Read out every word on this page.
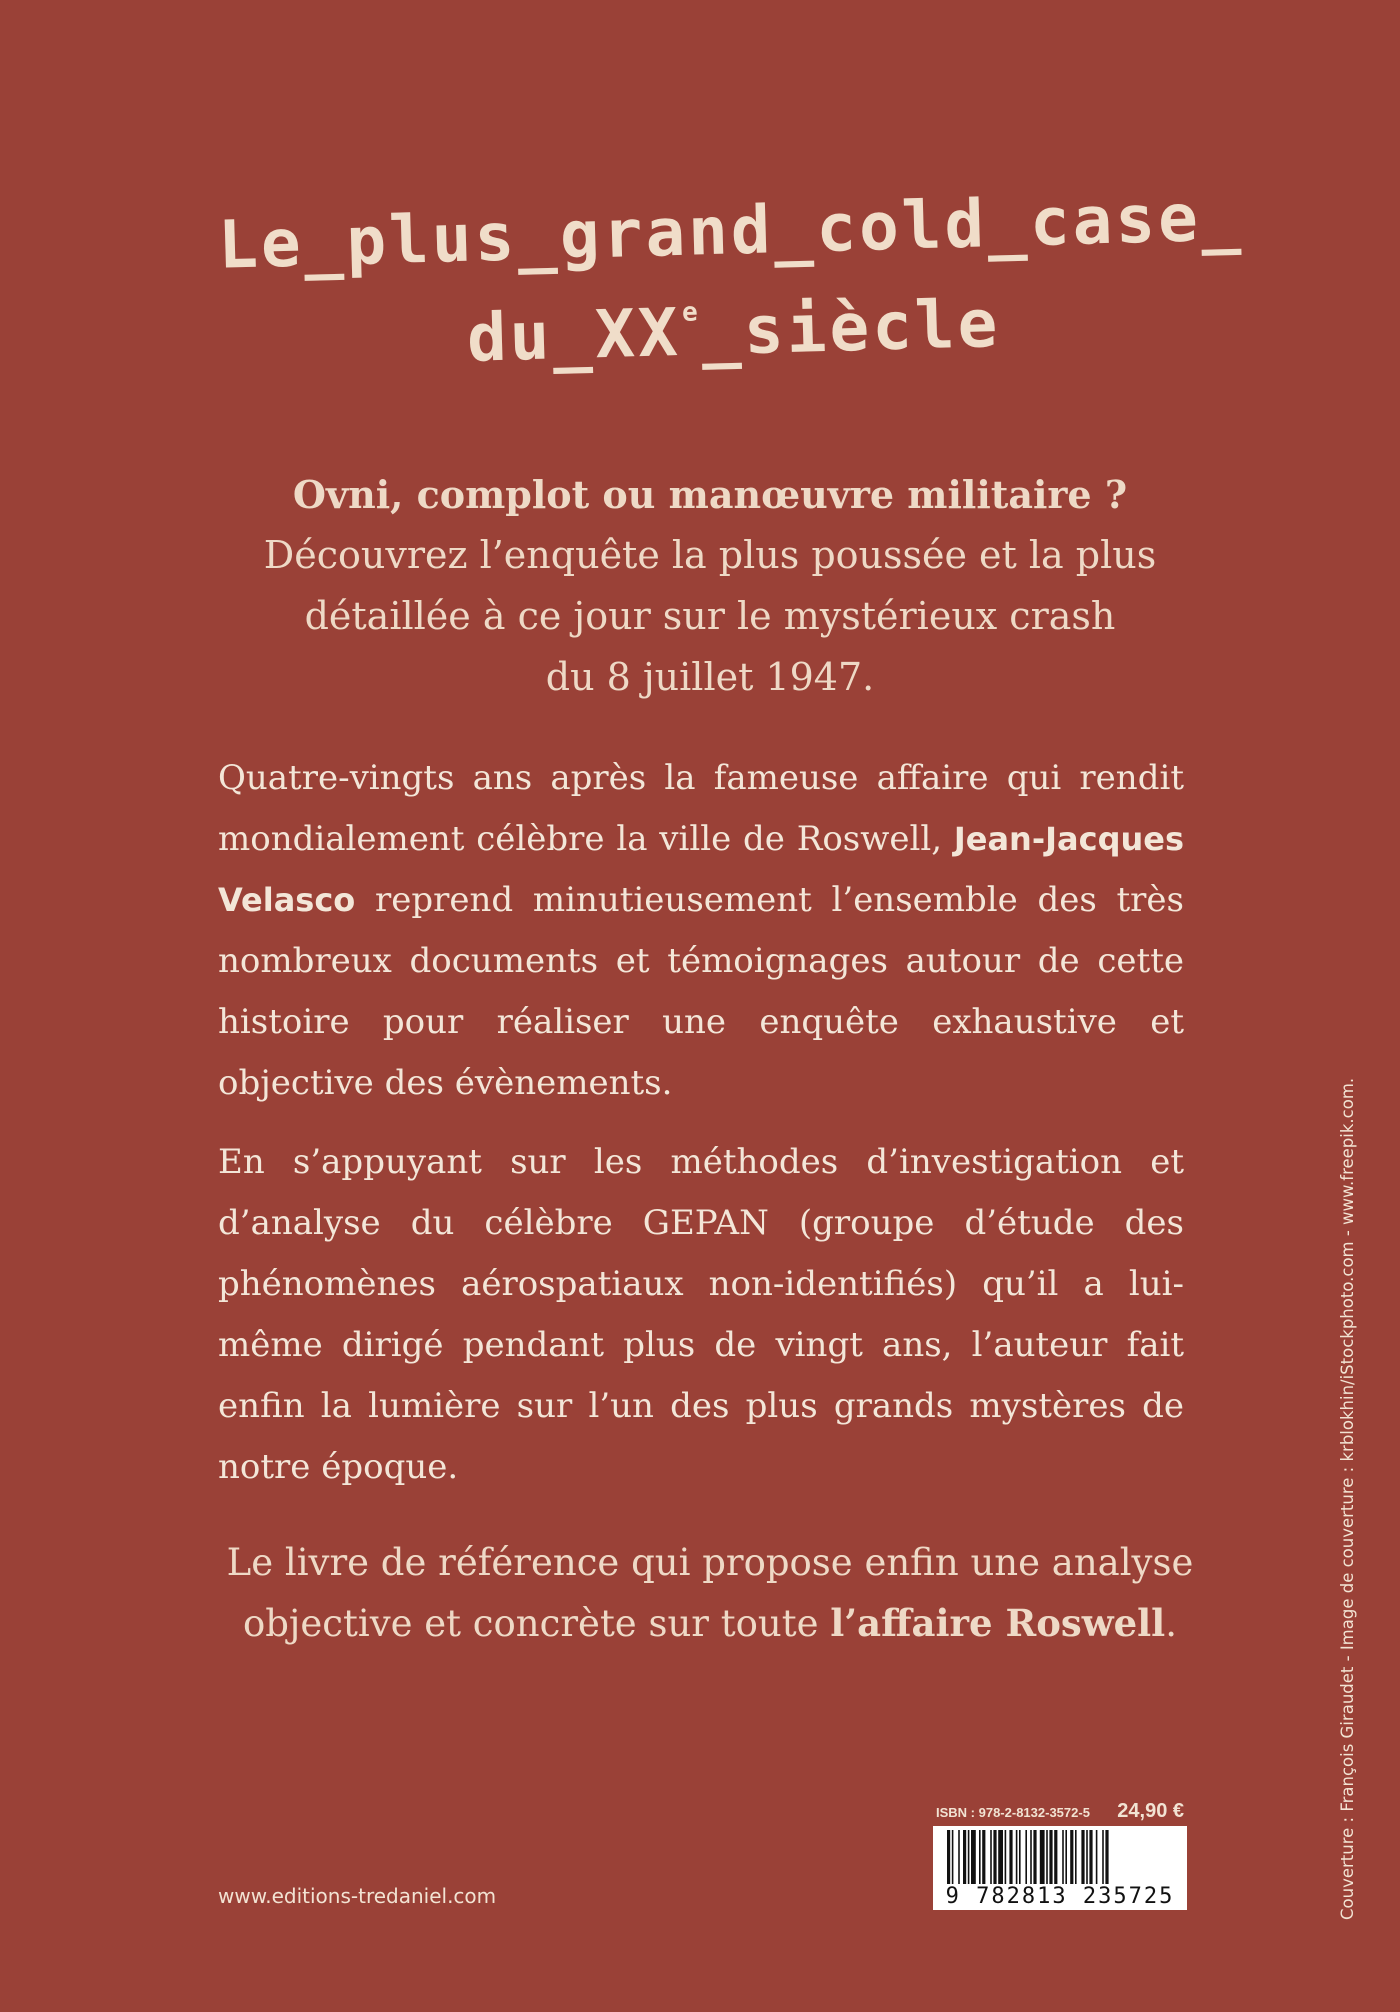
Le_plus_grand_cold_case_
du_XXe_siècle
Ovni, complot ou manœuvre militaire ?
Découvrez l’enquête la plus poussée et la plus
détaillée à ce jour sur le mystérieux crash
du 8 juillet 1947.
Quatre-vingts ans après la fameuse affaire qui rendit mondialement célèbre la ville de Roswell, Jean-Jacques Velasco reprend minutieusement l’ensemble des très nombreux documents et témoignages autour de cette histoire pour réaliser une enquête exhaustive et objective des évènements.
En s’appuyant sur les méthodes d’investigation et d’analyse du célèbre GEPAN (groupe d’étude des phénomènes aérospatiaux non-identifiés) qu’il a lui-même dirigé pendant plus de vingt ans, l’auteur fait enfin la lumière sur l’un des plus grands mystères de notre époque.
Le livre de référence qui propose enfin une analyse
objective et concrète sur toute l’affaire Roswell.	Couverture : François Giraudet - Image de couverture : krblokhin/iStockphoto.com - www.freepik.com.
www.editions-tredaniel.com
ISBN : 978-2-8132-3572-5 24,90 €
9 782813 235725
